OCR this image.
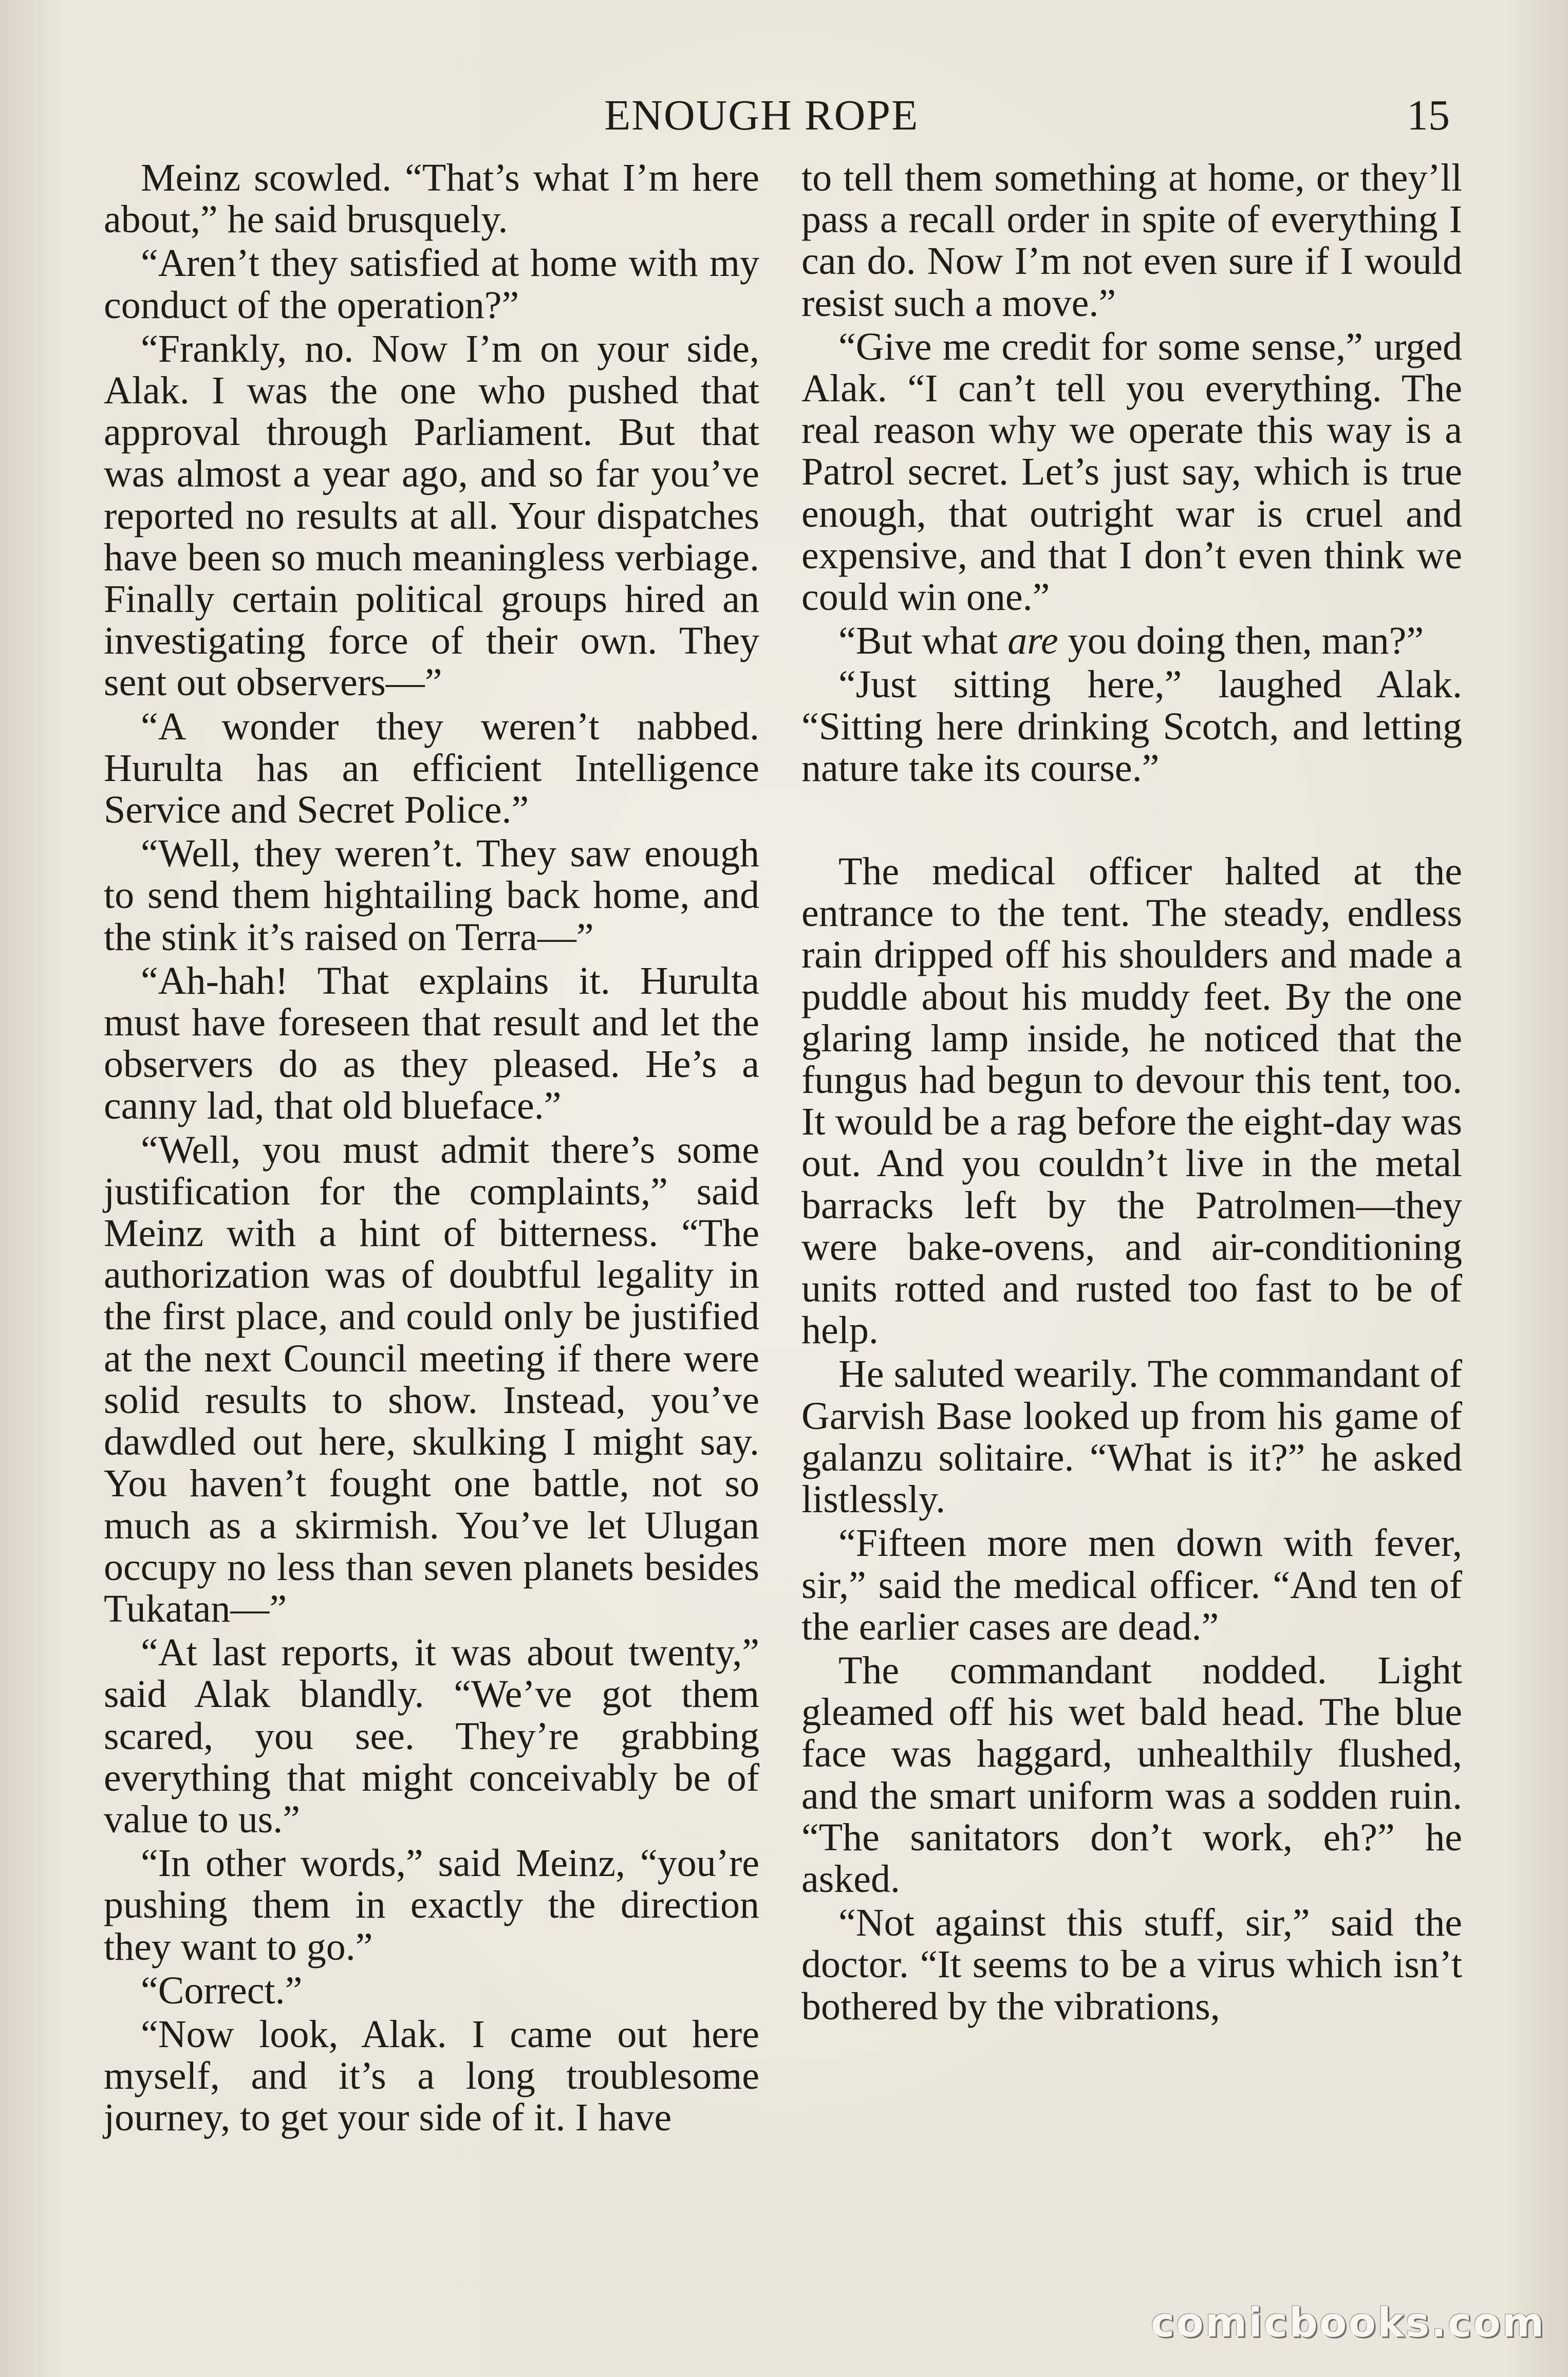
ENOUGH ROPE	15

Meinz scowled. “That’s what I’m here about,” he said brusquely.

“Aren’t they satisfied at home with my conduct of the operation?”

“Frankly, no. Now I’m on your side, Alak. I was the one who pushed that approval through Parliament. But that was almost a year ago, and so far you’ve reported no results at all. Your dispatches have been so much meaningless verbiage. Finally certain political groups hired an investigating force of their own. They sent out observers—”

“A wonder they weren’t nabbed. Hurulta has an efficient Intelligence Service and Secret Police.”

“Well, they weren’t. They saw enough to send them hightailing back home, and the stink it’s raised on Terra—”

“Ah-hah! That explains it. Hurulta must have foreseen that result and let the observers do as they pleased. He’s a canny lad, that old blueface.”

“Well, you must admit there’s some justification for the complaints,” said Meinz with a hint of bitterness. “The authorization was of doubtful legality in the first place, and could only be justified at the next Council meeting if there were solid results to show. Instead, you’ve dawdled out here, skulking I might say. You haven’t fought one battle, not so much as a skirmish. You’ve let Ulugan occupy no less than seven planets besides Tukatan—”

“At last reports, it was about twenty,” said Alak blandly. “We’ve got them scared, you see. They’re grabbing everything that might conceivably be of value to us.”

“In other words,” said Meinz, “you’re pushing them in exactly the direction they want to go.”

“Correct.”

“Now look, Alak. I came out here myself, and it’s a long troublesome journey, to get your side of it. I have

to tell them something at home, or they’ll pass a recall order in spite of everything I can do. Now I’m not even sure if I would resist such a move.”

“Give me credit for some sense,” urged Alak. “I can’t tell you everything. The real reason why we operate this way is a Patrol secret. Let’s just say, which is true enough, that outright war is cruel and expensive, and that I don’t even think we could win one.”

“But what are you doing then, man?”

“Just sitting here,” laughed Alak. “Sitting here drinking Scotch, and letting nature take its course.”

The medical officer halted at the entrance to the tent. The steady, endless rain dripped off his shoulders and made a puddle about his muddy feet. By the one glaring lamp inside, he noticed that the fungus had begun to devour this tent, too. It would be a rag before the eight-day was out. And you couldn’t live in the metal barracks left by the Patrolmen—they were bake-ovens, and air-conditioning units rotted and rusted too fast to be of help.

He saluted wearily. The commandant of Garvish Base looked up from his game of galanzu solitaire. “What is it?” he asked listlessly.

“Fifteen more men down with fever, sir,” said the medical officer. “And ten of the earlier cases are dead.”

The commandant nodded. Light gleamed off his wet bald head. The blue face was haggard, unhealthily flushed, and the smart uniform was a sodden ruin. “The sanitators don’t work, eh?” he asked.

“Not against this stuff, sir,” said the doctor. “It seems to be a virus which isn’t bothered by the vibrations,

comicbooks.com
